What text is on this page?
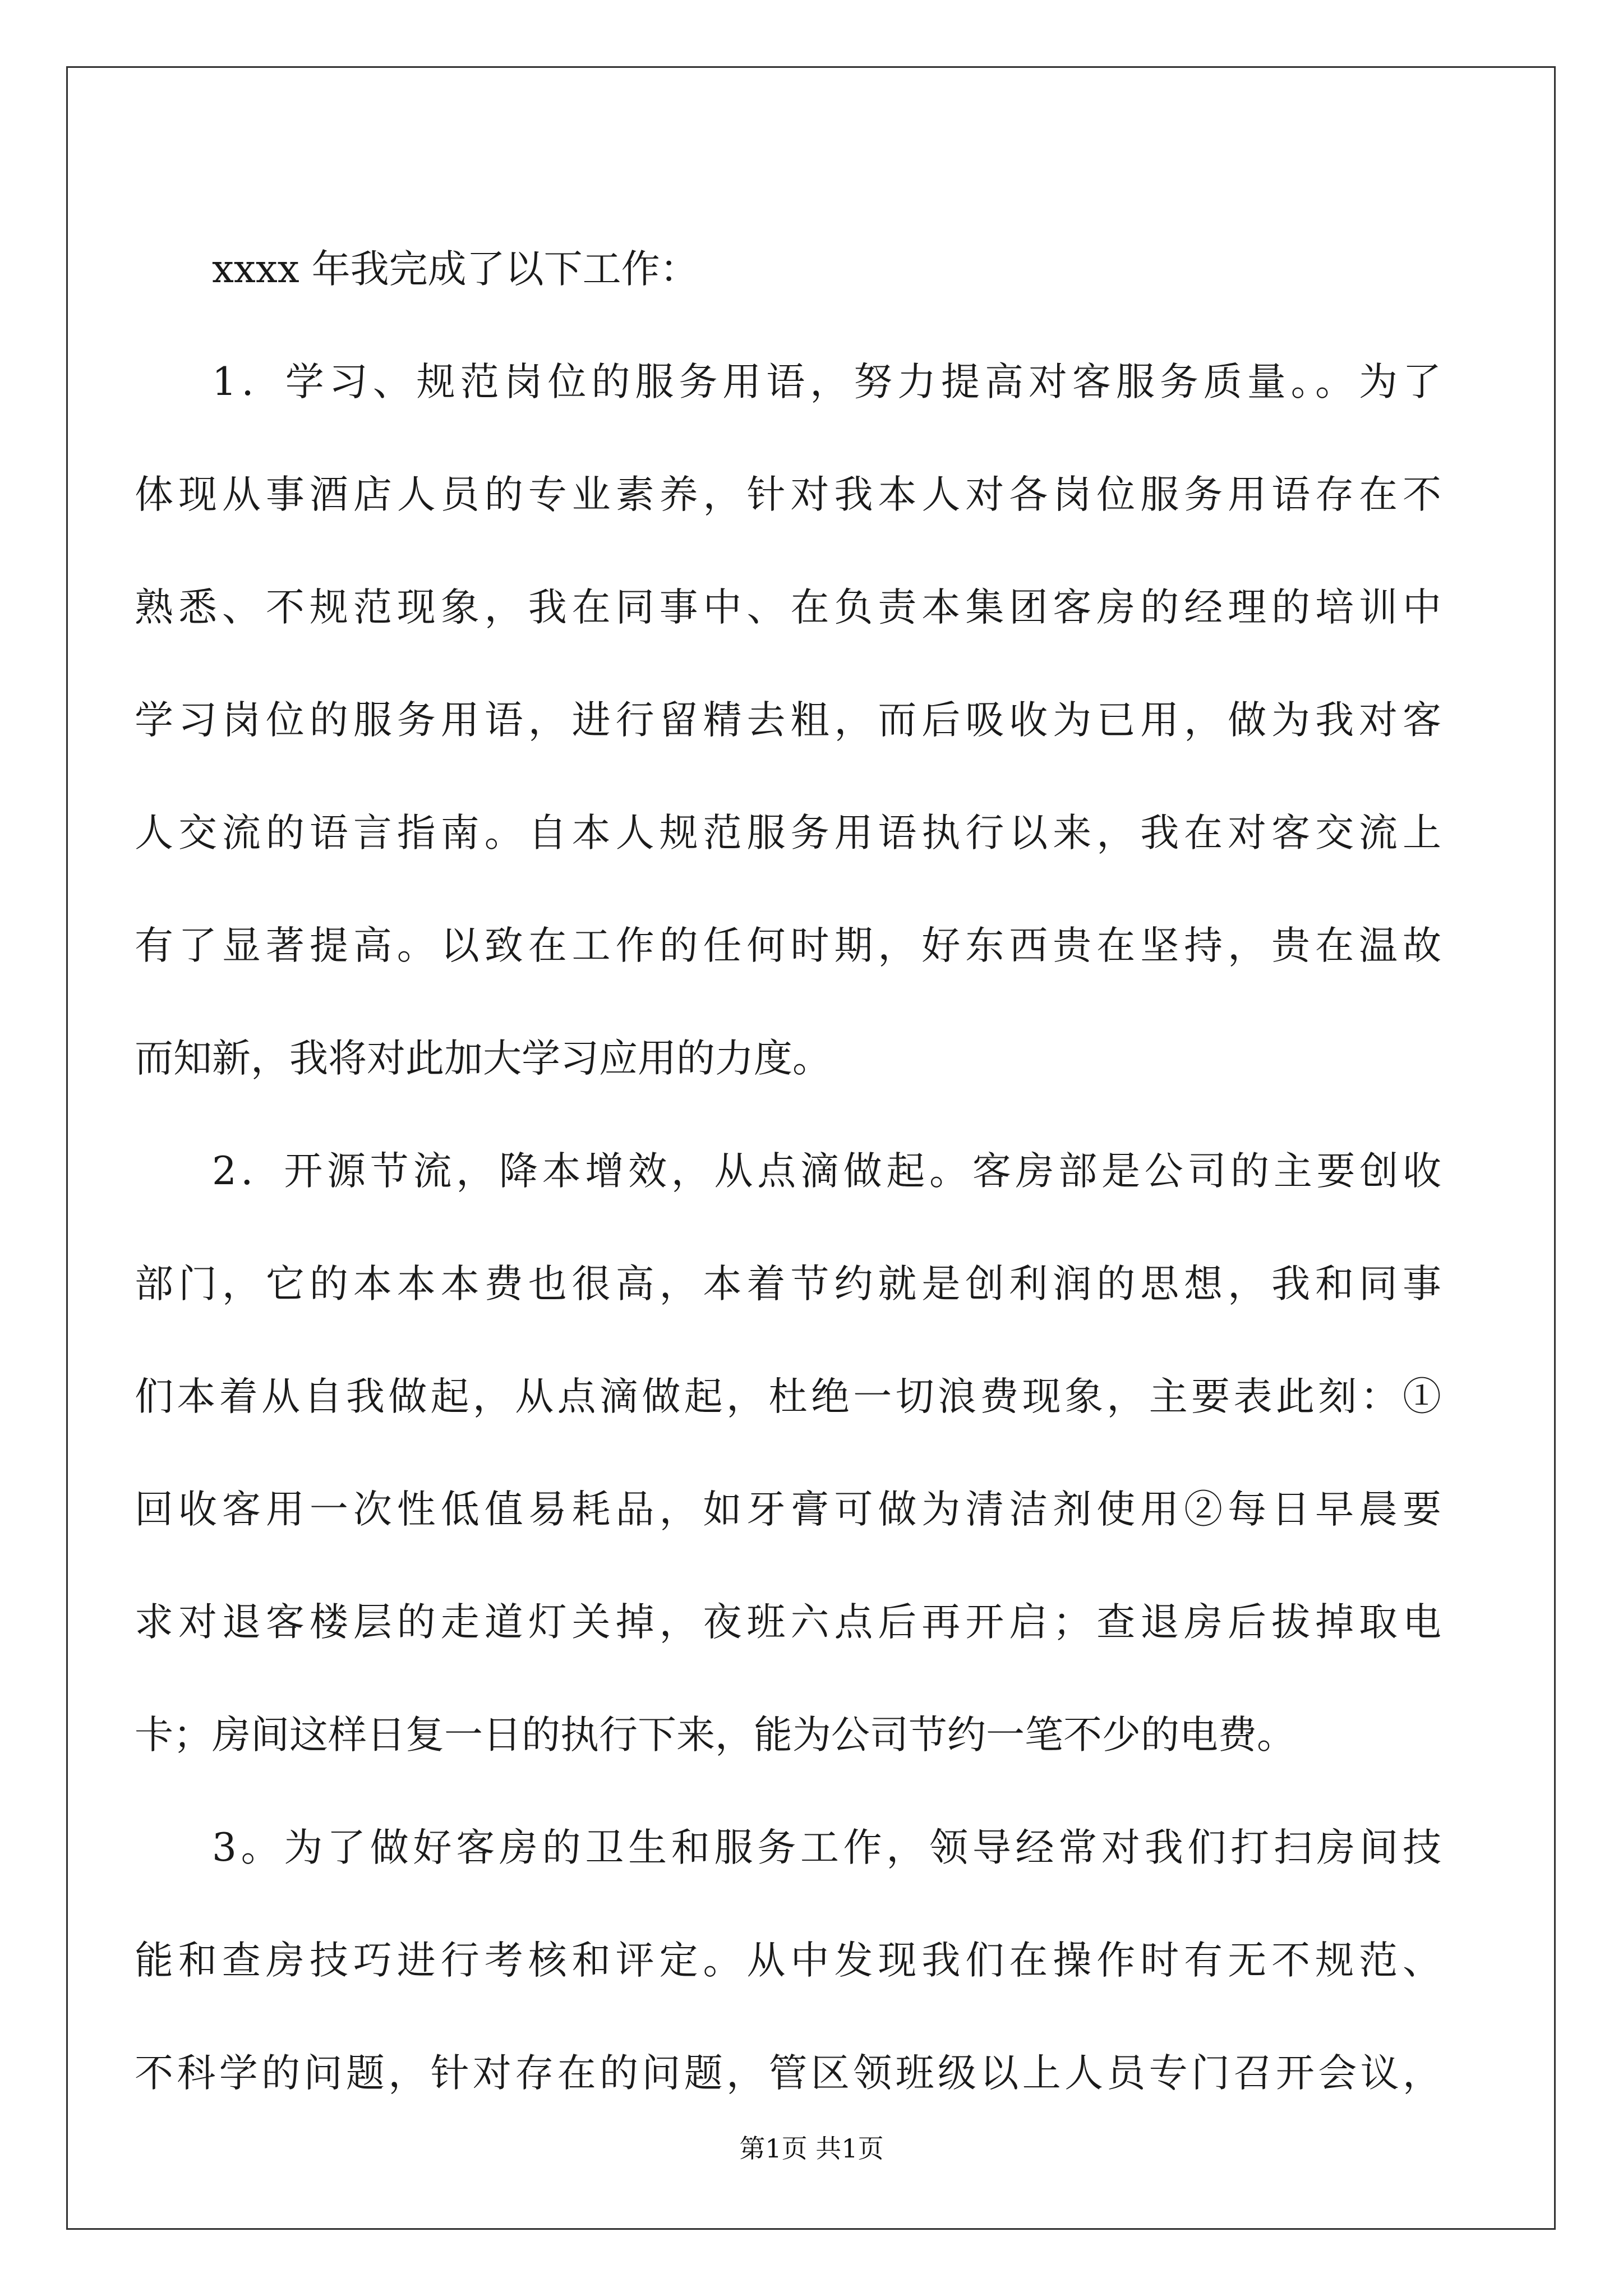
xxxx 年我完成了以下工作：
1．学习、规范岗位的服务用语，努力提高对客服务质量。。为了
体现从事酒店人员的专业素养，针对我本人对各岗位服务用语存在不
熟悉、不规范现象，我在同事中、在负责本集团客房的经理的培训中
学习岗位的服务用语，进行留精去粗，而后吸收为已用，做为我对客
人交流的语言指南。自本人规范服务用语执行以来，我在对客交流上
有了显著提高。以致在工作的任何时期，好东西贵在坚持，贵在温故
而知新，我将对此加大学习应用的力度。
2．开源节流，降本增效，从点滴做起。客房部是公司的主要创收
部门，它的本本本费也很高，本着节约就是创利润的思想，我和同事
们本着从自我做起，从点滴做起，杜绝一切浪费现象，主要表此刻：①
回收客用一次性低值易耗品，如牙膏可做为清洁剂使用②每日早晨要
求对退客楼层的走道灯关掉，夜班六点后再开启；查退房后拔掉取电
卡；房间这样日复一日的执行下来，能为公司节约一笔不少的电费。
3。为了做好客房的卫生和服务工作，领导经常对我们打扫房间技
能和查房技巧进行考核和评定。从中发现我们在操作时有无不规范、
不科学的问题，针对存在的问题，管区领班级以上人员专门召开会议，
第1页 共1页
